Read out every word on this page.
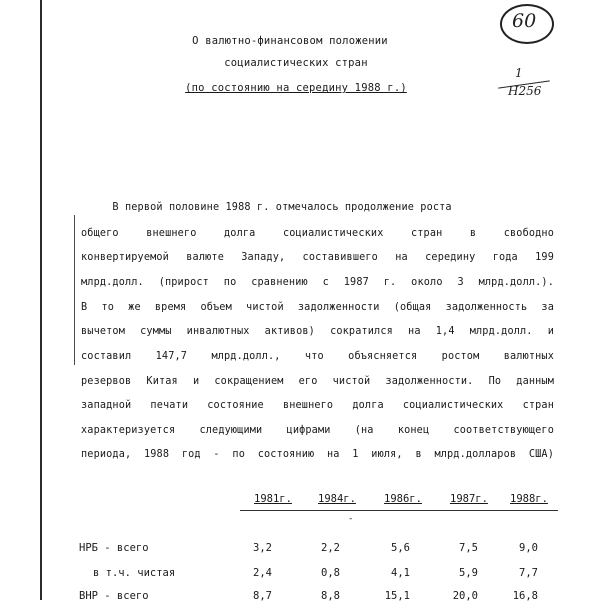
60
1
H256
О валютно-финансовом положении
социалистических стран
(по состоянию на середину 1988 г.)
В первой половине 1988 г. отмечалось продолжение роста
общего внешнего долга социалистических стран в свободно
конвертируемой валюте Западу, составившего на середину года 199
млрд.долл. (прирост по сравнению с 1987 г. около 3 млрд.долл.).
В то же время объем чистой задолженности (общая задолженность за
вычетом суммы инвалютных активов) сократился на 1,4 млрд.долл. и
составил 147,7 млрд.долл., что объясняется ростом валютных
резервов Китая и сокращением его чистой задолженности. По данным
западной печати состояние внешнего долга социалистических стран
характеризуется следующими цифрами (на конец соответствующего
периода, 1988 год - по состоянию на 1 июля, в млрд.долларов США)
1981г. 1984г.	1986г.	1987г. 1988г.
-
НРБ - всего	3,2	2,2	5,6	7,5	9,0
в т.ч. чистая	2,4	0,8	4,1	5,9	7,7
ВНР - всего	8,7	8,8	15,1	20,0	16,8
